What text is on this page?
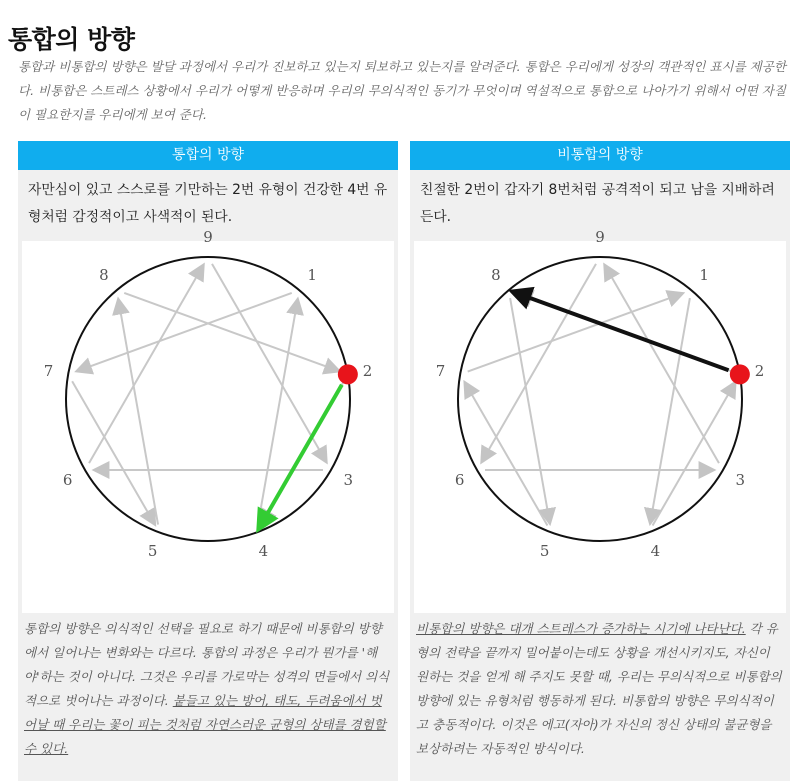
통합의 방향
통합과 비통합의 방향은 발달 과정에서 우리가 진보하고 있는지 퇴보하고 있는지를 알려준다. 통합은 우리에게 성장의 객관적인 표시를 제공한다. 비통합은 스트레스 상황에서 우리가 어떻게 반응하며 우리의 무의식적인 동기가 무엇이며 역설적으로 통합으로 나아가기 위해서 어떤 자질이 필요한지를 우리에게 보여 준다.
통합의 방향
자만심이 있고 스스로를 기만하는 2번 유형이 건강한 4번 유형처럼 감정적이고 사색적이 된다.
9
1
2
3
4
5
6
7
8
통합의 방향은 의식적인 선택을 필요로 하기 때문에 비통합의 방향에서 일어나는 변화와는 다르다. 통합의 과정은 우리가 뭔가를 '해야'하는 것이 아니다. 그것은 우리를 가로막는 성격의 면들에서 의식적으로 벗어나는 과정이다. 붙들고 있는 방어, 태도, 두려움에서 벗어날 때 우리는 꽃이 피는 것처럼 자연스러운 균형의 상태를 경험할 수 있다.
비통합의 방향
친절한 2번이 갑자기 8번처럼 공격적이 되고 남을 지배하려 든다.
9
1
2
3
4
5
6
7
8
비통합의 방향은 대개 스트레스가 증가하는 시기에 나타난다. 각 유형의 전략을 끝까지 밀어붙이는데도 상황을 개선시키지도, 자신이 원하는 것을 얻게 해 주지도 못할 때, 우리는 무의식적으로 비통합의 방향에 있는 유형처럼 행동하게 된다. 비통합의 방향은 무의식적이고 충동적이다. 이것은 에고(자아)가 자신의 정신 상태의 불균형을 보상하려는 자동적인 방식이다.
